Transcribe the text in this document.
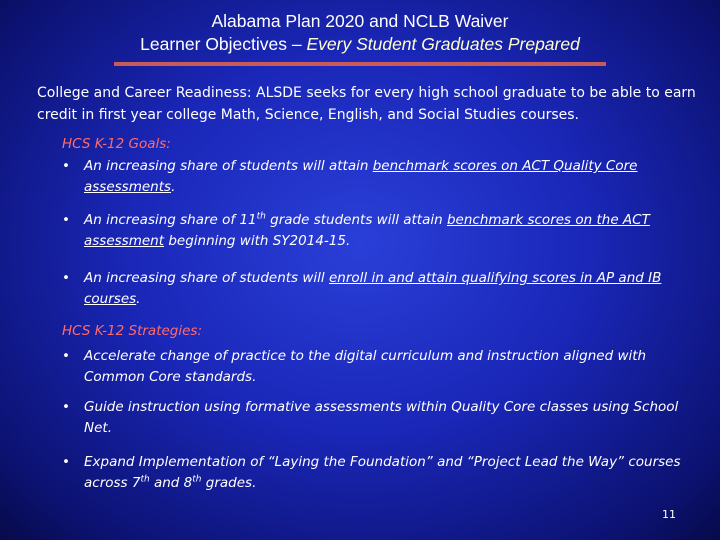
Alabama Plan 2020 and NCLB Waiver
Learner Objectives – Every Student Graduates Prepared
College and Career Readiness: ALSDE seeks for every high school graduate to be able to earn credit in first year college Math, Science, English, and Social Studies courses.
HCS K-12 Goals:
• An increasing share of students will attain benchmark scores on ACT Quality Core assessments.
• An increasing share of 11th grade students will attain benchmark scores on the ACT assessment beginning with SY2014-15.
• An increasing share of students will enroll in and attain qualifying scores in AP and IB courses.
HCS K-12 Strategies:
• Accelerate change of practice to the digital curriculum and instruction aligned with Common Core standards.
• Guide instruction using formative assessments within Quality Core classes using School Net.
• Expand Implementation of “Laying the Foundation” and “Project Lead the Way” courses across 7th and 8th grades.
11
